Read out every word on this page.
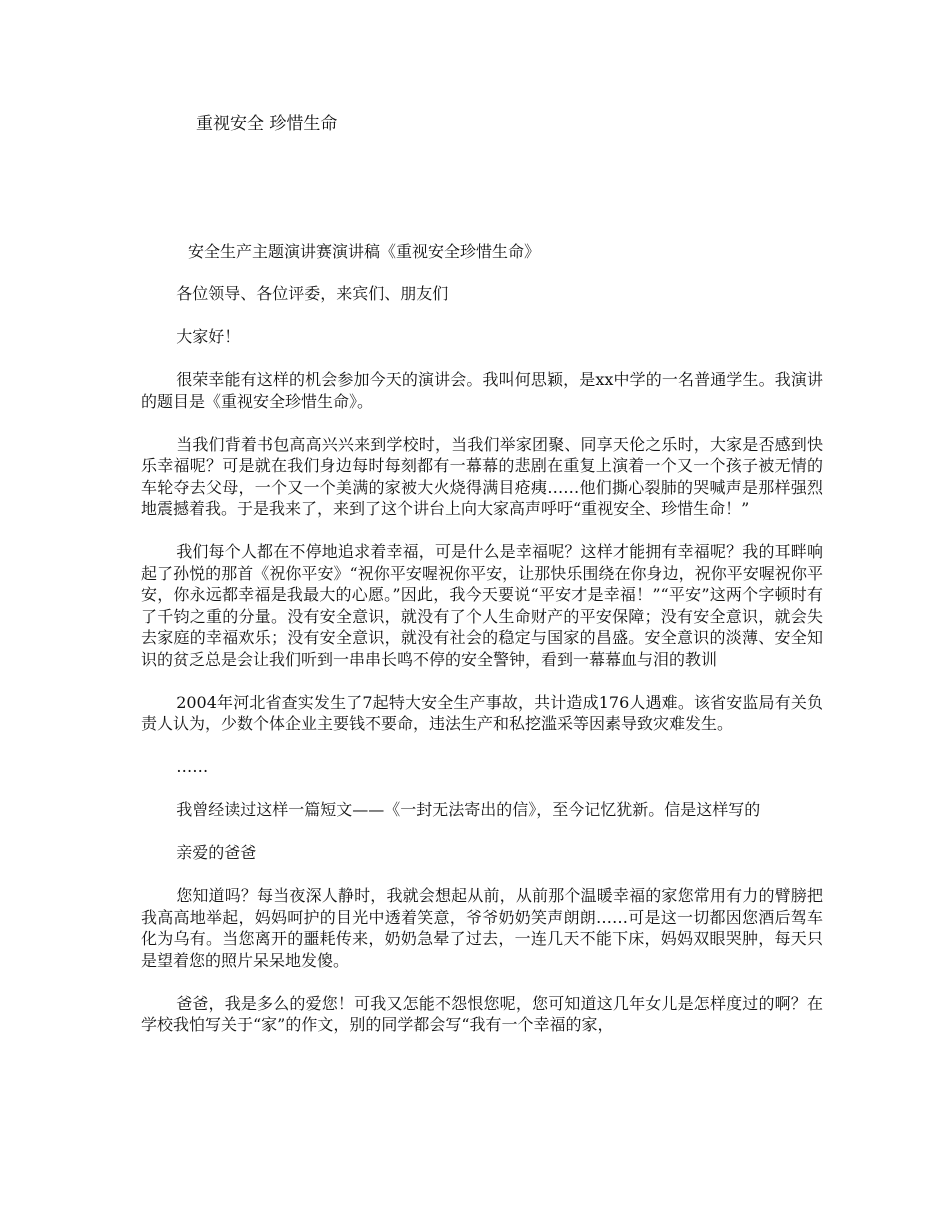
重视安全 珍惜生命
安全生产主题演讲赛演讲稿《重视安全珍惜生命》

各位领导、各位评委，来宾们、朋友们

大家好！

很荣幸能有这样的机会参加今天的演讲会。我叫何思颖，是xx中学的一名普通学生。我演讲的题目是《重视安全珍惜生命》。

当我们背着书包高高兴兴来到学校时，当我们举家团聚、同享天伦之乐时，大家是否感到快乐幸福呢？可是就在我们身边每时每刻都有一幕幕的悲剧在重复上演着一个又一个孩子被无情的车轮夺去父母，一个又一个美满的家被大火烧得满目疮痍……他们撕心裂肺的哭喊声是那样强烈地震撼着我。于是我来了，来到了这个讲台上向大家高声呼吁“重视安全、珍惜生命！”

我们每个人都在不停地追求着幸福，可是什么是幸福呢？这样才能拥有幸福呢？我的耳畔响起了孙悦的那首《祝你平安》“祝你平安喔祝你平安，让那快乐围绕在你身边，祝你平安喔祝你平安，你永远都幸福是我最大的心愿。”因此，我今天要说“平安才是幸福！”“平安”这两个字顿时有了千钧之重的分量。没有安全意识，就没有了个人生命财产的平安保障；没有安全意识，就会失去家庭的幸福欢乐；没有安全意识，就没有社会的稳定与国家的昌盛。安全意识的淡薄、安全知识的贫乏总是会让我们听到一串串长鸣不停的安全警钟，看到一幕幕血与泪的教训

2004年河北省查实发生了7起特大安全生产事故，共计造成176人遇难。该省安监局有关负责人认为，少数个体企业主要钱不要命，违法生产和私挖滥采等因素导致灾难发生。

……

我曾经读过这样一篇短文——《一封无法寄出的信》，至今记忆犹新。信是这样写的

亲爱的爸爸

您知道吗？每当夜深人静时，我就会想起从前，从前那个温暖幸福的家您常用有力的臂膀把我高高地举起，妈妈呵护的目光中透着笑意，爷爷奶奶笑声朗朗……可是这一切都因您酒后驾车化为乌有。当您离开的噩耗传来，奶奶急晕了过去，一连几天不能下床，妈妈双眼哭肿，每天只是望着您的照片呆呆地发傻。

爸爸，我是多么的爱您！可我又怎能不怨恨您呢，您可知道这几年女儿是怎样度过的啊？在学校我怕写关于“家”的作文，别的同学都会写“我有一个幸福的家，
